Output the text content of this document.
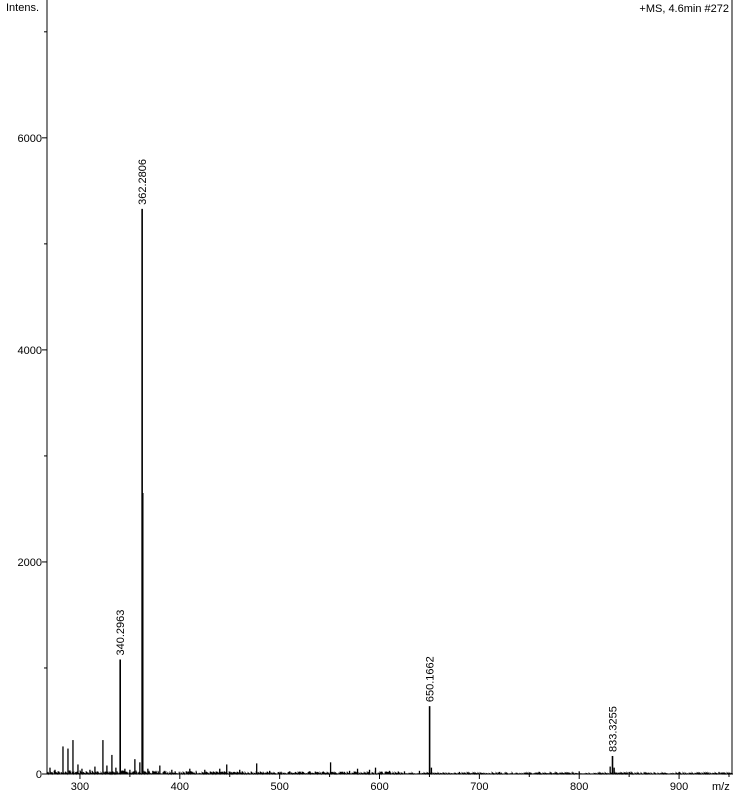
Intens.	+MS, 4.6min #272
m/z
300	400	500	600	700	800	900
0
2000
4000
6000
340.2963
362.2806
650.1662
833.3255
